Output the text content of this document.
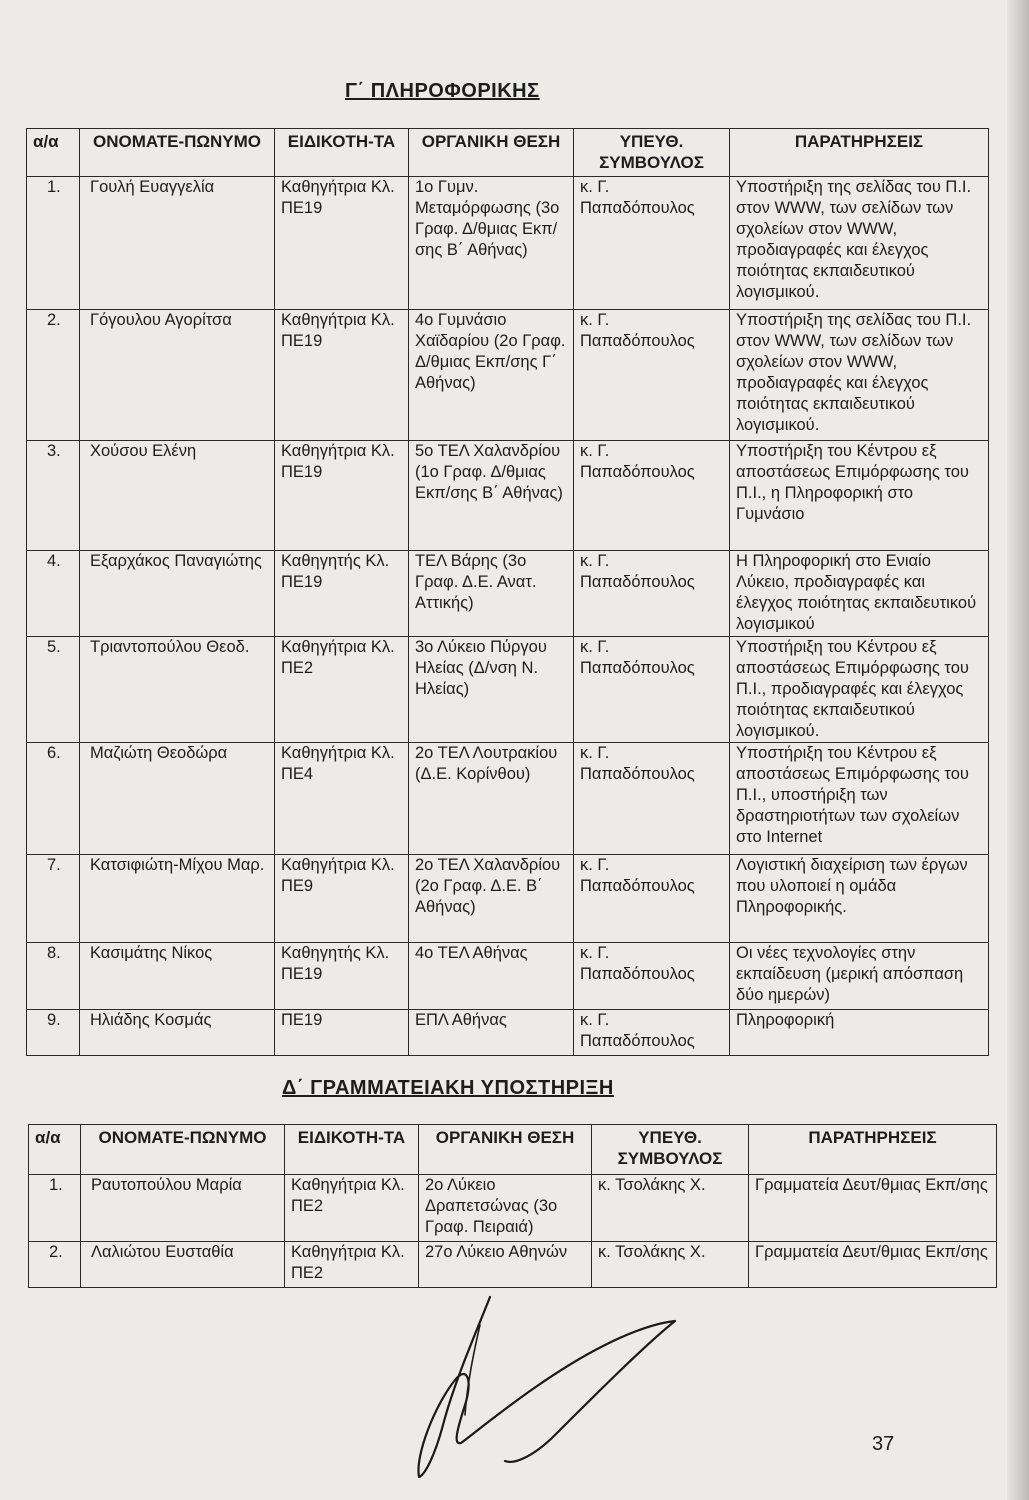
Γ΄ ΠΛΗΡΟΦΟΡΙΚΗΣ
α/α	ΟΝΟΜΑΤΕ-ΠΩΝΥΜΟ	ΕΙΔΙΚΟΤΗ-ΤΑ	ΟΡΓΑΝΙΚΗ ΘΕΣΗ	ΥΠΕΥΘ. ΣΥΜΒΟΥΛΟΣ	ΠΑΡΑΤΗΡΗΣΕΙΣ
1.	Γουλή Ευαγγελία	Καθηγήτρια Κλ. ΠΕ19	1ο Γυμν. Μεταμόρφωσης (3ο Γραφ. Δ/θμιας Εκπ/σης Β΄ Αθήνας)	κ. Γ. Παπαδόπουλος	Υποστήριξη της σελίδας του Π.Ι. στον WWW, των σελίδων των σχολείων στον WWW, προδιαγραφές και έλεγχος ποιότητας εκπαιδευτικού λογισμικού.
2.	Γόγουλου Αγορίτσα	Καθηγήτρια Κλ. ΠΕ19	4ο Γυμνάσιο Χαϊδαρίου (2ο Γραφ. Δ/θμιας Εκπ/σης Γ΄ Αθήνας)	κ. Γ. Παπαδόπουλος	Υποστήριξη της σελίδας του Π.Ι. στον WWW, των σελίδων των σχολείων στον WWW, προδιαγραφές και έλεγχος ποιότητας εκπαιδευτικού λογισμικού.
3.	Χούσου Ελένη	Καθηγήτρια Κλ. ΠΕ19	5ο ΤΕΛ Χαλανδρίου (1ο Γραφ. Δ/θμιας Εκπ/σης Β΄ Αθήνας)	κ. Γ. Παπαδόπουλος	Υποστήριξη του Κέντρου εξ αποστάσεως Επιμόρφωσης του Π.Ι., η Πληροφορική στο Γυμνάσιο
4.	Εξαρχάκος Παναγιώτης	Καθηγητής Κλ. ΠΕ19	ΤΕΛ Βάρης (3ο Γραφ. Δ.Ε. Ανατ. Αττικής)	κ. Γ. Παπαδόπουλος	Η Πληροφορική στο Ενιαίο Λύκειο, προδιαγραφές και έλεγχος ποιότητας εκπαιδευτικού λογισμικού
5.	Τριαντοπούλου Θεοδ.	Καθηγήτρια Κλ. ΠΕ2	3ο Λύκειο Πύργου Ηλείας (Δ/νση Ν. Ηλείας)	κ. Γ. Παπαδόπουλος	Υποστήριξη του Κέντρου εξ αποστάσεως Επιμόρφωσης του Π.Ι., προδιαγραφές και έλεγχος ποιότητας εκπαιδευτικού λογισμικού.
6.	Μαζιώτη Θεοδώρα	Καθηγήτρια Κλ. ΠΕ4	2ο ΤΕΛ Λουτρακίου (Δ.Ε. Κορίνθου)	κ. Γ. Παπαδόπουλος	Υποστήριξη του Κέντρου εξ αποστάσεως Επιμόρφωσης του Π.Ι., υποστήριξη των δραστηριοτήτων των σχολείων στο Internet
7.	Κατσιφιώτη-Μίχου Μαρ.	Καθηγήτρια Κλ. ΠΕ9	2ο ΤΕΛ Χαλανδρίου (2ο Γραφ. Δ.Ε. Β΄ Αθήνας)	κ. Γ. Παπαδόπουλος	Λογιστική διαχείριση των έργων που υλοποιεί η ομάδα Πληροφορικής.
8.	Κασιμάτης Νίκος	Καθηγητής Κλ. ΠΕ19	4ο ΤΕΛ Αθήνας	κ. Γ. Παπαδόπουλος	Οι νέες τεχνολογίες στην εκπαίδευση (μερική απόσπαση δύο ημερών)
9.	Ηλιάδης Κοσμάς	ΠΕ19	ΕΠΛ Αθήνας	κ. Γ. Παπαδόπουλος	Πληροφορική
Δ΄ ΓΡΑΜΜΑΤΕΙΑΚΗ ΥΠΟΣΤΗΡΙΞΗ
α/α	ΟΝΟΜΑΤΕ-ΠΩΝΥΜΟ	ΕΙΔΙΚΟΤΗ-ΤΑ	ΟΡΓΑΝΙΚΗ ΘΕΣΗ	ΥΠΕΥΘ. ΣΥΜΒΟΥΛΟΣ	ΠΑΡΑΤΗΡΗΣΕΙΣ
1.	Ραυτοπούλου Μαρία	Καθηγήτρια Κλ. ΠΕ2	2ο Λύκειο Δραπετσώνας (3ο Γραφ. Πειραιά)	κ. Τσολάκης Χ.	Γραμματεία Δευτ/θμιας Εκπ/σης
2.	Λαλιώτου Ευσταθία	Καθηγήτρια Κλ. ΠΕ2	27ο Λύκειο Αθηνών	κ. Τσολάκης Χ.	Γραμματεία Δευτ/θμιας Εκπ/σης

37
